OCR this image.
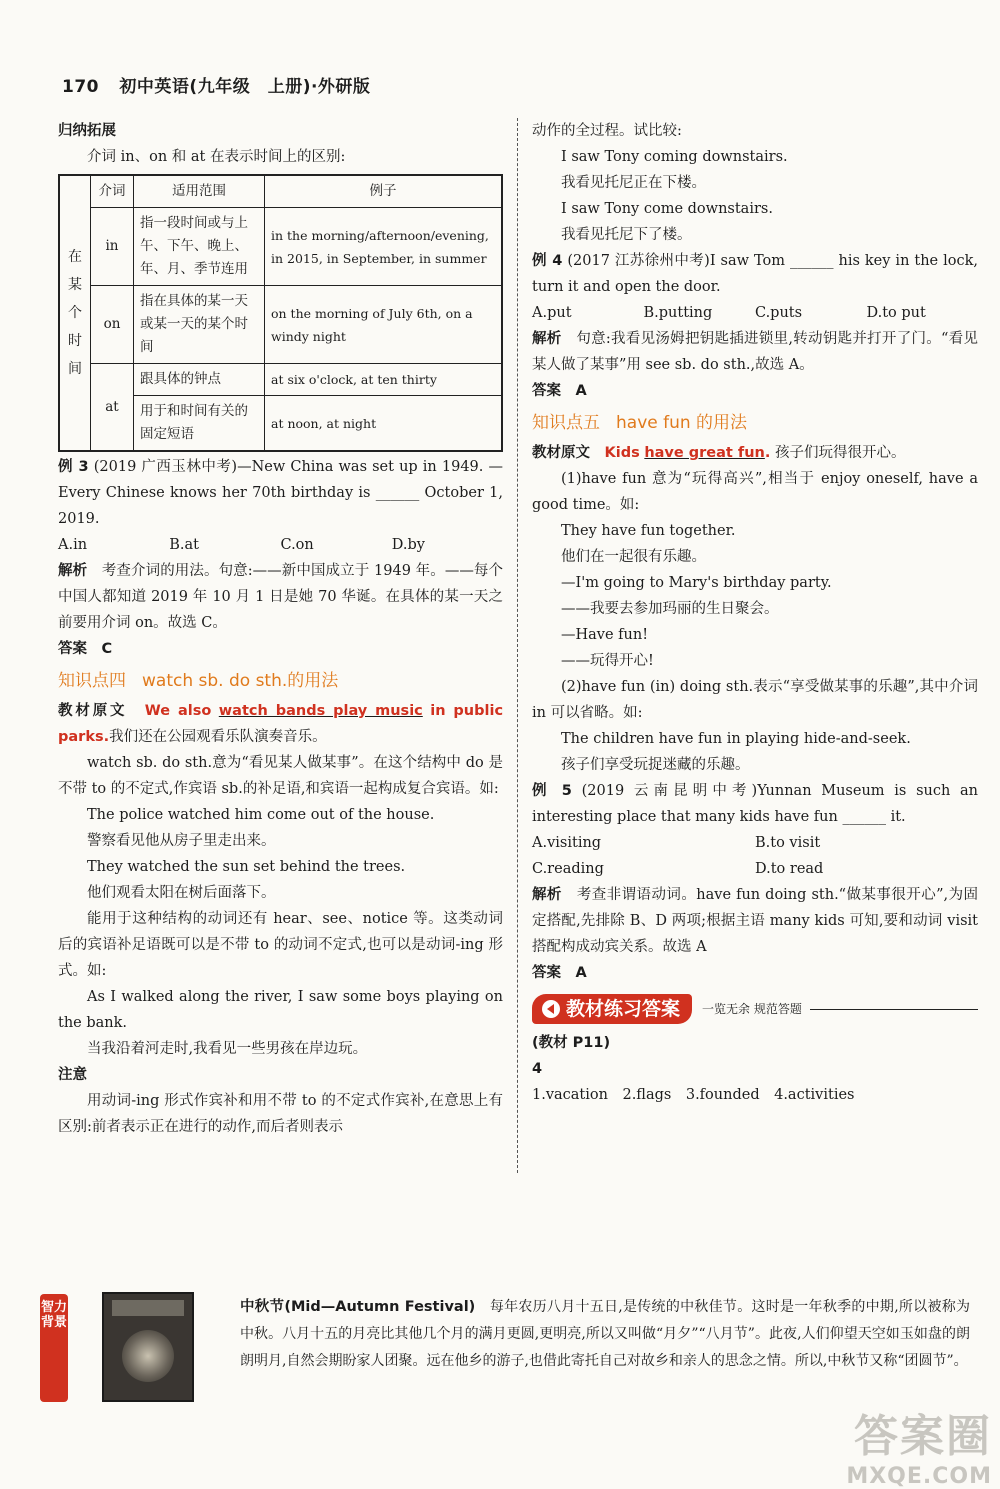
170 初中英语(九年级　上册)·外研版

归纳拓展

介词 in、on 和 at 在表示时间上的区别:

在
某
个
时
间	介词	适用范围	例子
	in	指一段时间或与上午、下午、晚上、年、月、季节连用	in the morning/afternoon/evening, in 2015, in September, in summer
	on	指在具体的某一天或某一天的某个时间	on the morning of July 6th, on a windy night
	at	跟具体的钟点	at six o'clock, at ten thirty
		用于和时间有关的固定短语	at noon, at night

例 3 (2019 广西玉林中考)—New China was set up in 1949. —Every Chinese knows her 70th birthday is ______ October 1, 2019.

A.in	B.at	C.on	D.by

解析　 考查介词的用法。句意:——新中国成立于 1949 年。——每个中国人都知道 2019 年 10 月 1 日是她 70 华诞。在具体的某一天之前要用介词 on。故选 C。

答案　 C

知识点四 watch sb. do sth.的用法

教材原文　 We also watch bands play music in public parks.我们还在公园观看乐队演奏音乐。

watch sb. do sth.意为“看见某人做某事”。在这个结构中 do 是不带 to 的不定式,作宾语 sb.的补足语,和宾语一起构成复合宾语。如:

The police watched him come out of the house.

警察看见他从房子里走出来。

They watched the sun set behind the trees.

他们观看太阳在树后面落下。

能用于这种结构的动词还有 hear、see、notice 等。这类动词后的宾语补足语既可以是不带 to 的动词不定式,也可以是动词-ing 形式。如:

As I walked along the river, I saw some boys playing on the bank.

当我沿着河走时,我看见一些男孩在岸边玩。

注意

用动词-ing 形式作宾补和用不带 to 的不定式作宾补,在意思上有区别:前者表示正在进行的动作,而后者则表示

动作的全过程。试比较:

I saw Tony coming downstairs.

我看见托尼正在下楼。

I saw Tony come downstairs.

我看见托尼下了楼。

例 4 (2017 江苏徐州中考)I saw Tom ______ his key in the lock, turn it and open the door.

A.put	B.putting	C.puts	D.to put

解析　 句意:我看见汤姆把钥匙插进锁里,转动钥匙并打开了门。“看见某人做了某事”用 see sb. do sth.,故选 A。

答案　 A

知识点五 have fun 的用法

教材原文　 Kids have great fun. 孩子们玩得很开心。

(1)have fun 意为“玩得高兴”,相当于 enjoy oneself, have a good time。如:

They have fun together.

他们在一起很有乐趣。

—I'm going to Mary's birthday party.

——我要去参加玛丽的生日聚会。

—Have fun!

——玩得开心!

(2)have fun (in) doing sth.表示“享受做某事的乐趣”,其中介词 in 可以省略。如:

The children have fun in playing hide-and-seek.

孩子们享受玩捉迷藏的乐趣。

例 5 (2019 云南昆明中考)Yunnan Museum is such an interesting place that many kids have fun ______ it.

A.visiting	B.to visit
C.reading	D.to read

解析　 考查非谓语动词。have fun doing sth.“做某事很开心”,为固定搭配,先排除 B、D 两项;根据主语 many kids 可知,要和动词 visit 搭配构成动宾关系。故选 A

答案　 A

教材练习答案 一览无余 规范答题

(教材 P11)

4

1.vacation　2.flags　3.founded　4.activities

智力背景
中秋节(Mid—Autumn Festival)　 每年农历八月十五日,是传统的中秋佳节。这时是一年秋季的中期,所以被称为中秋。八月十五的月亮比其他几个月的满月更圆,更明亮,所以又叫做“月夕”“八月节”。此夜,人们仰望天空如玉如盘的朗朗明月,自然会期盼家人团聚。远在他乡的游子,也借此寄托自己对故乡和亲人的思念之情。所以,中秋节又称“团圆节”。
答案圈
MXQE.COM
